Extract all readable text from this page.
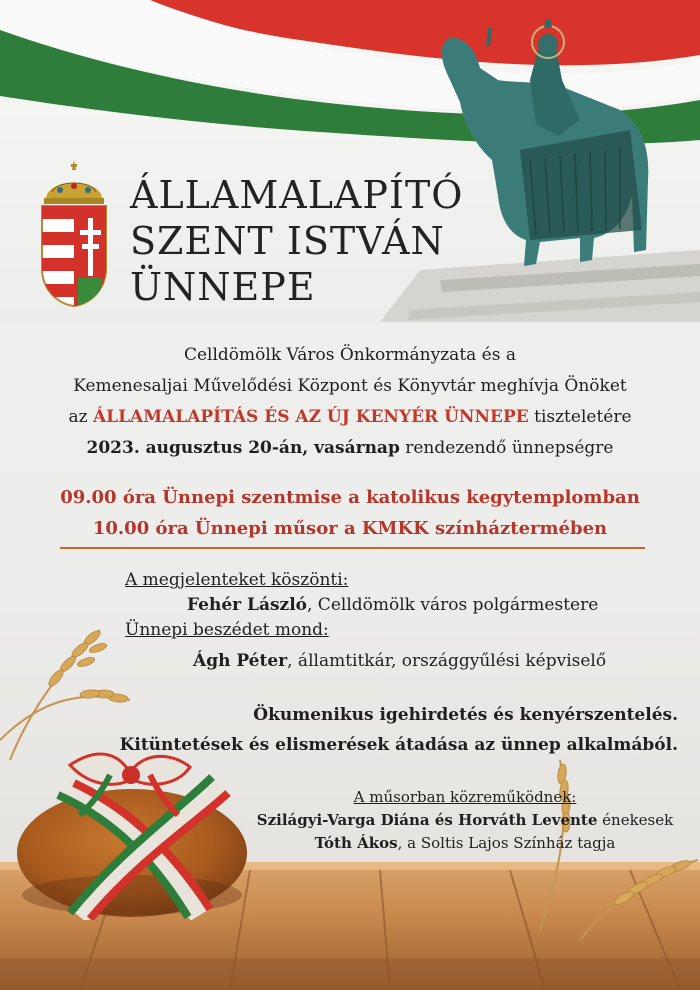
ÁLLAMALAPÍTÓ
SZENT ISTVÁN
ÜNNEPE
Celldömölk Város Önkormányzata és a
Kemenesaljai Művelődési Központ és Könyvtár meghívja Önöket
az ÁLLAMALAPÍTÁS ÉS AZ ÚJ KENYÉR ÜNNEPE tiszteletére
2023. augusztus 20-án, vasárnap rendezendő ünnepségre
09.00 óra Ünnepi szentmise a katolikus kegytemplomban
10.00 óra Ünnepi műsor a KMKK színháztermében
A megjelenteket köszönti:
Fehér László, Celldömölk város polgármestere
Ünnepi beszédet mond:
Ágh Péter, államtitkár, országgyűlési képviselő
Ökumenikus igehirdetés és kenyérszentelés.
Kitüntetések és elismerések átadása az ünnep alkalmából.
A műsorban közreműködnek:
Szilágyi-Varga Diána és Horváth Levente énekesek
Tóth Ákos, a Soltis Lajos Színház tagja
